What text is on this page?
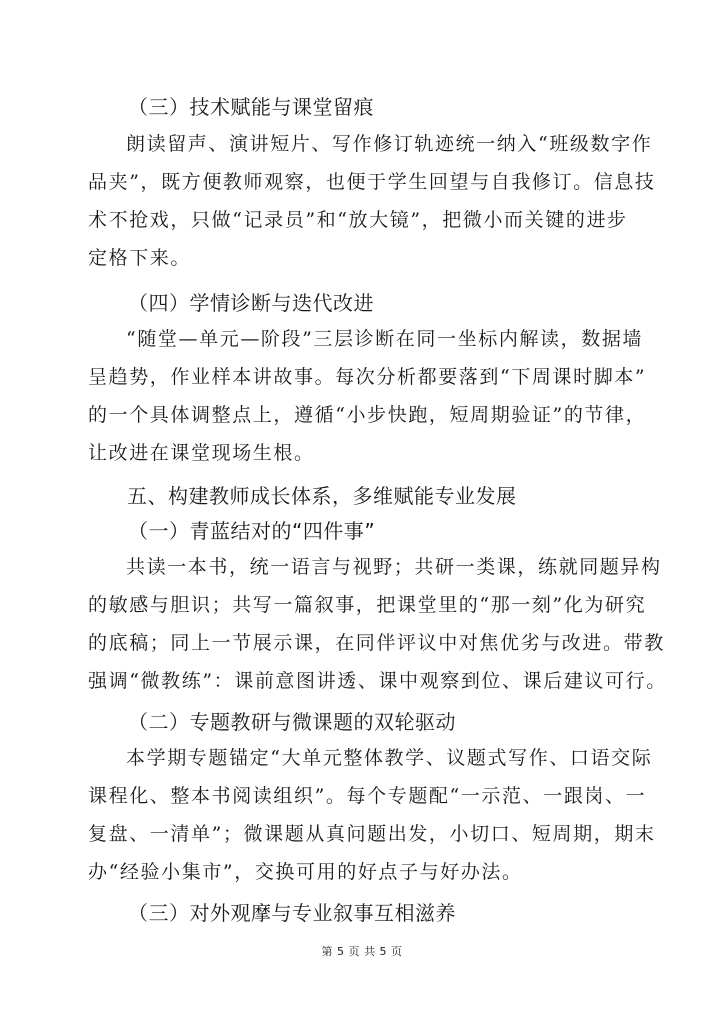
（三）技术赋能与课堂留痕
朗读留声、演讲短片、写作修订轨迹统一纳入“班级数字作
品夹”，既方便教师观察，也便于学生回望与自我修订。信息技
术不抢戏，只做“记录员”和“放大镜”，把微小而关键的进步
定格下来。
（四）学情诊断与迭代改进
“随堂—单元—阶段”三层诊断在同一坐标内解读，数据墙
呈趋势，作业样本讲故事。每次分析都要落到“下周课时脚本”
的一个具体调整点上，遵循“小步快跑，短周期验证”的节律，
让改进在课堂现场生根。
五、构建教师成长体系，多维赋能专业发展
（一）青蓝结对的“四件事”
共读一本书，统一语言与视野；共研一类课，练就同题异构
的敏感与胆识；共写一篇叙事，把课堂里的“那一刻”化为研究
的底稿；同上一节展示课，在同伴评议中对焦优劣与改进。带教
强调“微教练”：课前意图讲透、课中观察到位、课后建议可行。
（二）专题教研与微课题的双轮驱动
本学期专题锚定“大单元整体教学、议题式写作、口语交际
课程化、整本书阅读组织”。每个专题配“一示范、一跟岗、一
复盘、一清单”；微课题从真问题出发，小切口、短周期，期末
办“经验小集市”，交换可用的好点子与好办法。
（三）对外观摩与专业叙事互相滋养
第 5 页 共 5 页
